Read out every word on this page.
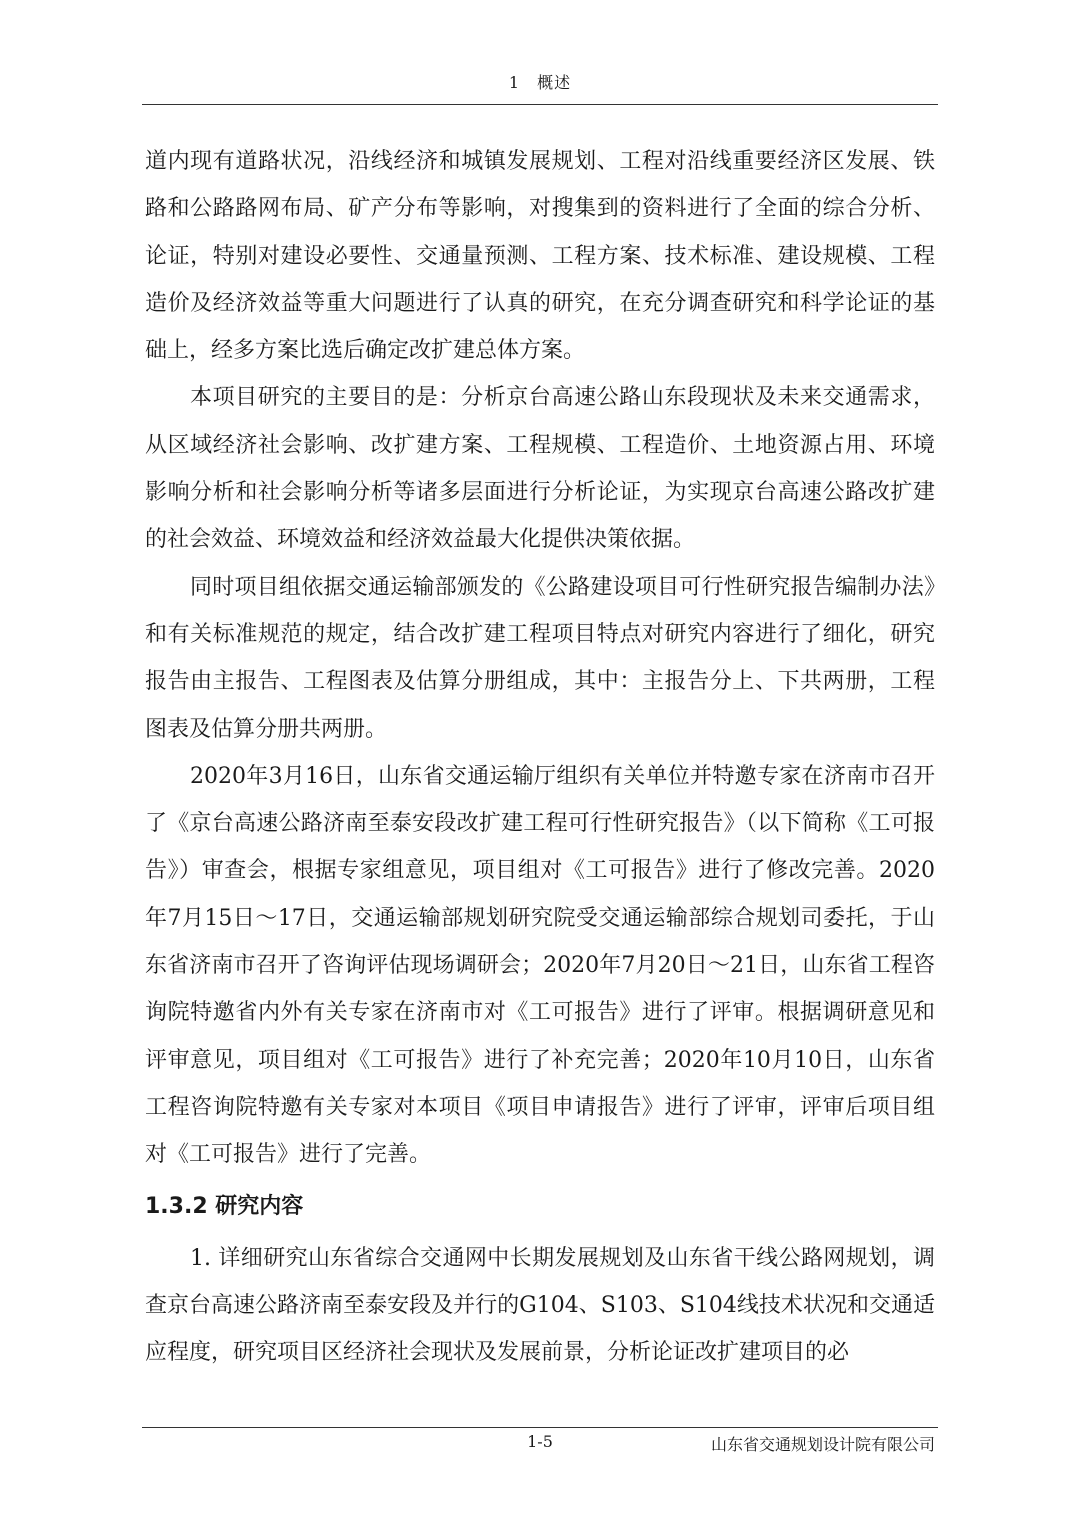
1　概述

道内现有道路状况，沿线经济和城镇发展规划、工程对沿线重要经济区发展、铁路和公路路网布局、矿产分布等影响，对搜集到的资料进行了全面的综合分析、论证，特别对建设必要性、交通量预测、工程方案、技术标准、建设规模、工程造价及经济效益等重大问题进行了认真的研究，在充分调查研究和科学论证的基础上，经多方案比选后确定改扩建总体方案。

本项目研究的主要目的是：分析京台高速公路山东段现状及未来交通需求，从区域经济社会影响、改扩建方案、工程规模、工程造价、土地资源占用、环境影响分析和社会影响分析等诸多层面进行分析论证，为实现京台高速公路改扩建的社会效益、环境效益和经济效益最大化提供决策依据。

同时项目组依据交通运输部颁发的《公路建设项目可行性研究报告编制办法》和有关标准规范的规定，结合改扩建工程项目特点对研究内容进行了细化，研究报告由主报告、工程图表及估算分册组成，其中：主报告分上、下共两册，工程图表及估算分册共两册。

2020年3月16日，山东省交通运输厅组织有关单位并特邀专家在济南市召开了《京台高速公路济南至泰安段改扩建工程可行性研究报告》（以下简称《工可报告》）审查会，根据专家组意见，项目组对《工可报告》进行了修改完善。2020年7月15日～17日，交通运输部规划研究院受交通运输部综合规划司委托，于山东省济南市召开了咨询评估现场调研会；2020年7月20日～21日，山东省工程咨询院特邀省内外有关专家在济南市对《工可报告》进行了评审。根据调研意见和评审意见，项目组对《工可报告》进行了补充完善；2020年10月10日，山东省工程咨询院特邀有关专家对本项目《项目申请报告》进行了评审，评审后项目组对《工可报告》进行了完善。

1.3.2 研究内容

1. 详细研究山东省综合交通网中长期发展规划及山东省干线公路网规划，调查京台高速公路济南至泰安段及并行的G104、S103、S104线技术状况和交通适应程度，研究项目区经济社会现状及发展前景，分析论证改扩建项目的必

1-5	山东省交通规划设计院有限公司
